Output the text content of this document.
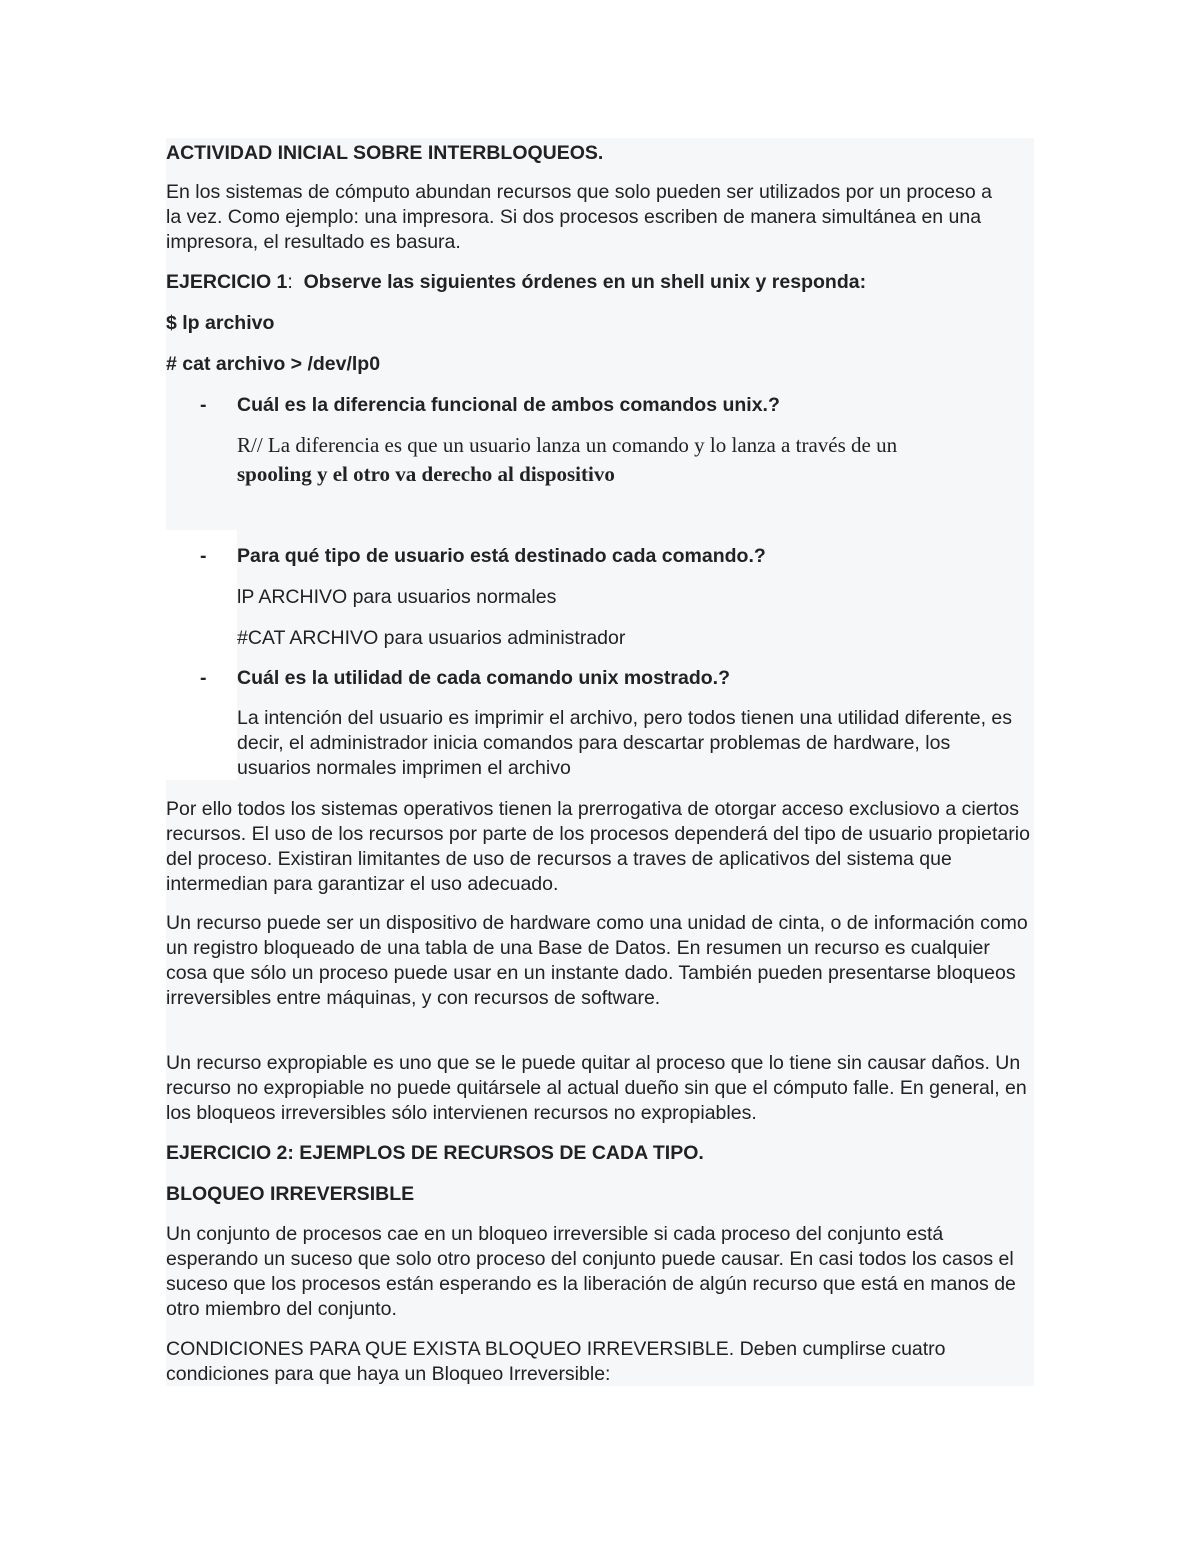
ACTIVIDAD INICIAL SOBRE INTERBLOQUEOS.

En los sistemas de cómputo abundan recursos que solo pueden ser utilizados por un proceso a la vez. Como ejemplo: una impresora. Si dos procesos escriben de manera simultánea en una impresora, el resultado es basura.

EJERCICIO 1: Observe las siguientes órdenes en un shell unix y responda:

$ lp archivo

# cat archivo > /dev/lp0

- Cuál es la diferencia funcional de ambos comandos unix.?

R// La diferencia es que un usuario lanza un comando y lo lanza a través de un

spooling y el otro va derecho al dispositivo

- Para qué tipo de usuario está destinado cada comando.?

lP ARCHIVO para usuarios normales

#CAT ARCHIVO para usuarios administrador

- Cuál es la utilidad de cada comando unix mostrado.?

La intención del usuario es imprimir el archivo, pero todos tienen una utilidad diferente, es decir, el administrador inicia comandos para descartar problemas de hardware, los usuarios normales imprimen el archivo

Por ello todos los sistemas operativos tienen la prerrogativa de otorgar acceso exclusiovo a ciertos recursos. El uso de los recursos por parte de los procesos dependerá del tipo de usuario propietario del proceso. Existiran limitantes de uso de recursos a traves de aplicativos del sistema que intermedian para garantizar el uso adecuado.

Un recurso puede ser un dispositivo de hardware como una unidad de cinta, o de información como un registro bloqueado de una tabla de una Base de Datos. En resumen un recurso es cualquier cosa que sólo un proceso puede usar en un instante dado. También pueden presentarse bloqueos irreversibles entre máquinas, y con recursos de software.

Un recurso expropiable es uno que se le puede quitar al proceso que lo tiene sin causar daños. Un recurso no expropiable no puede quitársele al actual dueño sin que el cómputo falle. En general, en los bloqueos irreversibles sólo intervienen recursos no expropiables.

EJERCICIO 2: EJEMPLOS DE RECURSOS DE CADA TIPO.

BLOQUEO IRREVERSIBLE

Un conjunto de procesos cae en un bloqueo irreversible si cada proceso del conjunto está esperando un suceso que solo otro proceso del conjunto puede causar. En casi todos los casos el suceso que los procesos están esperando es la liberación de algún recurso que está en manos de otro miembro del conjunto.

CONDICIONES PARA QUE EXISTA BLOQUEO IRREVERSIBLE. Deben cumplirse cuatro condiciones para que haya un Bloqueo Irreversible:
